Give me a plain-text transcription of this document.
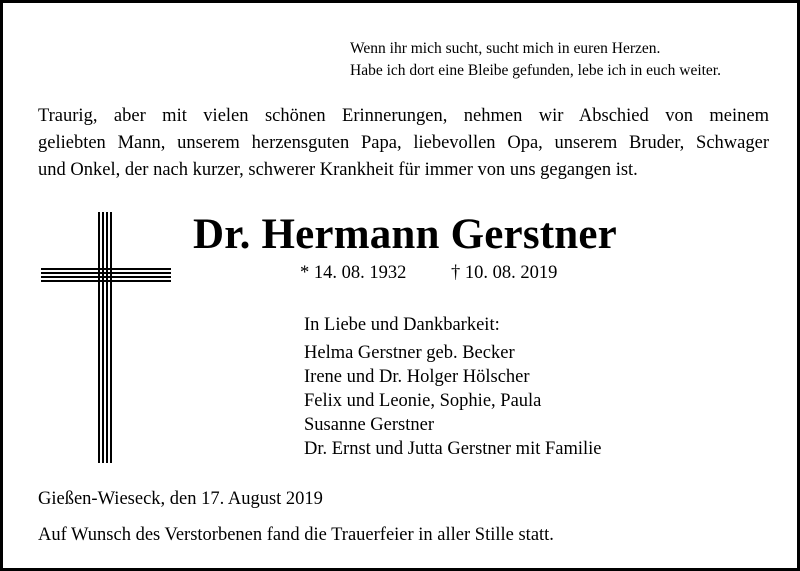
Wenn ihr mich sucht, sucht mich in euren Herzen.
Habe ich dort eine Bleibe gefunden, lebe ich in euch weiter.
Traurig, aber mit vielen schönen Erinnerungen, nehmen wir Abschied von meinem
geliebten Mann, unserem herzensguten Papa, liebevollen Opa, unserem Bruder, Schwager
und Onkel, der nach kurzer, schwerer Krankheit für immer von uns gegangen ist.
Dr. Hermann Gerstner
* 14. 08. 1932 † 10. 08. 2019
In Liebe und Dankbarkeit:
Helma Gerstner geb. Becker
Irene und Dr. Holger Hölscher
Felix und Leonie, Sophie, Paula
Susanne Gerstner
Dr. Ernst und Jutta Gerstner mit Familie
Gießen-Wieseck, den 17. August 2019
Auf Wunsch des Verstorbenen fand die Trauerfeier in aller Stille statt.
